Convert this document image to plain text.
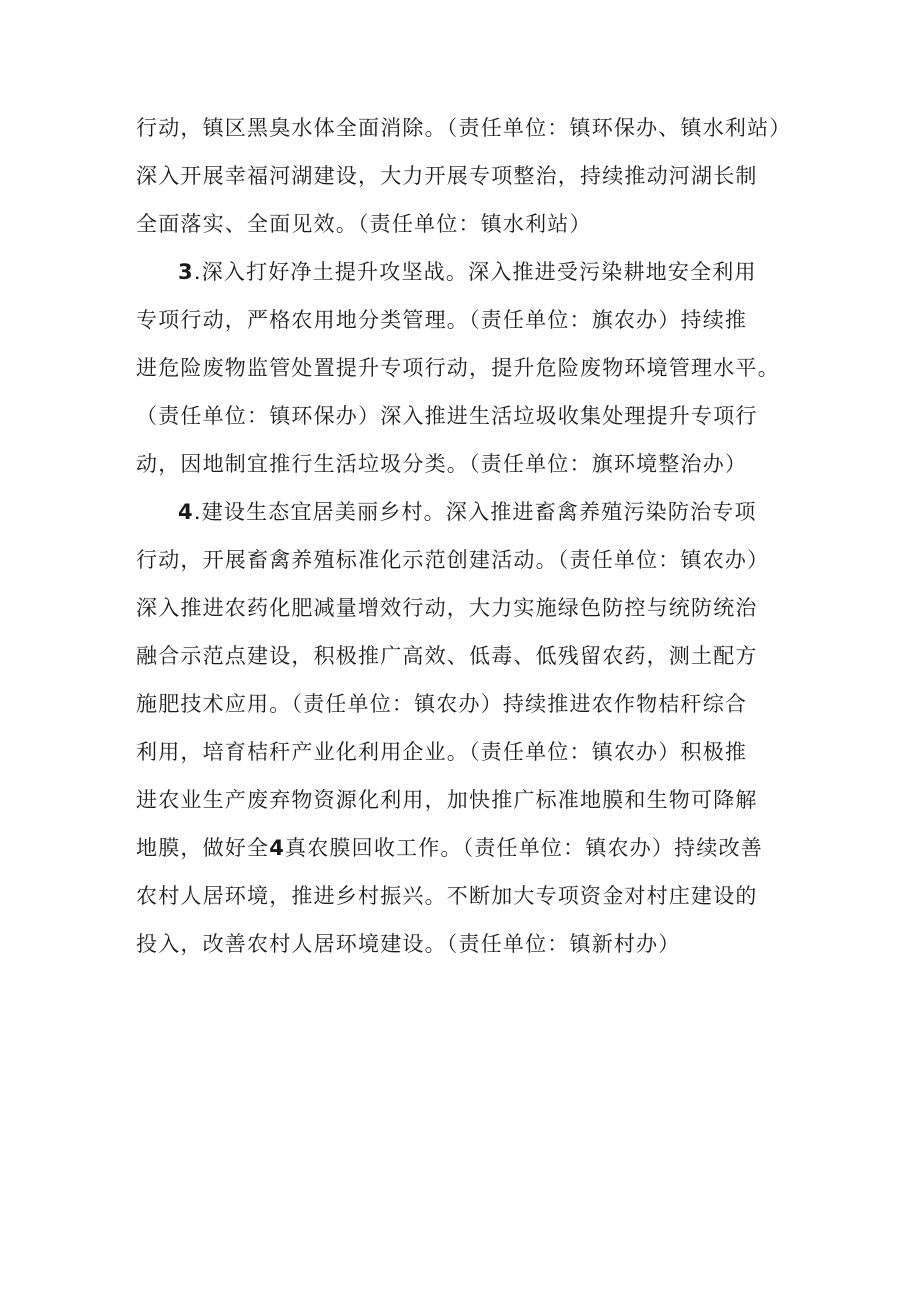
行动，镇区黑臭水体全面消除。（责任单位：镇环保办、镇水利站）
深入开展幸福河湖建设，大力开展专项整治，持续推动河湖长制
全面落实、全面见效。（责任单位：镇水利站）
3.深入打好净土提升攻坚战。深入推进受污染耕地安全利用
专项行动，严格农用地分类管理。（责任单位：旗农办）持续推
进危险废物监管处置提升专项行动，提升危险废物环境管理水平。
（责任单位：镇环保办）深入推进生活垃圾收集处理提升专项行
动，因地制宜推行生活垃圾分类。（责任单位：旗环境整治办）
4.建设生态宜居美丽乡村。深入推进畜禽养殖污染防治专项
行动，开展畜禽养殖标准化示范创建活动。（责任单位：镇农办）
深入推进农药化肥减量增效行动，大力实施绿色防控与统防统治
融合示范点建设，积极推广高效、低毒、低残留农药，测土配方
施肥技术应用。（责任单位：镇农办）持续推进农作物桔秆综合
利用，培育桔秆产业化利用企业。（责任单位：镇农办）积极推
进农业生产废弃物资源化利用，加快推广标准地膜和生物可降解
地膜，做好全4真农膜回收工作。（责任单位：镇农办）持续改善
农村人居环境，推进乡村振兴。不断加大专项资金对村庄建设的
投入，改善农村人居环境建设。（责任单位：镇新村办）
